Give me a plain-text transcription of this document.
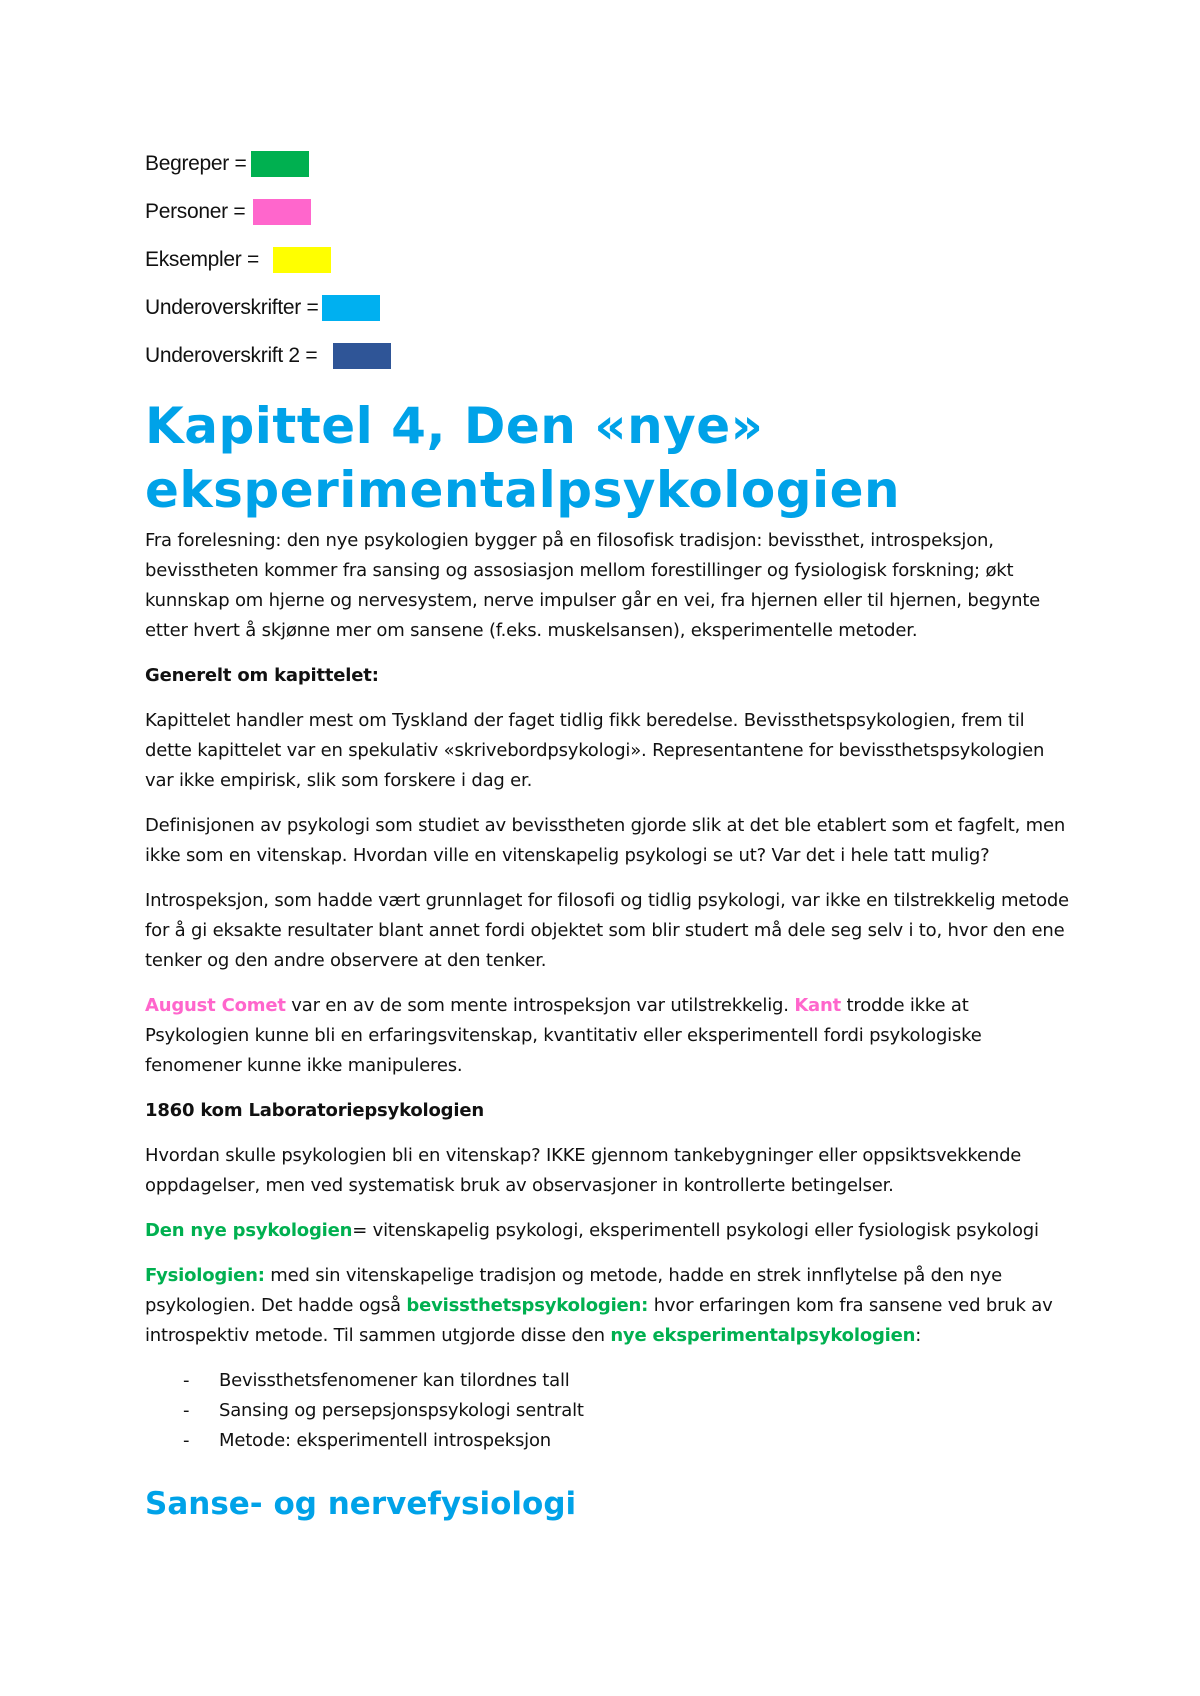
Begreper =
Personer =
Eksempler =
Underoverskrifter =
Underoverskrift 2 =
Kapittel 4, Den «nye»
eksperimentalpsykologien

Fra forelesning: den nye psykologien bygger på en filosofisk tradisjon: bevissthet, introspeksjon, bevisstheten kommer fra sansing og assosiasjon mellom forestillinger og fysiologisk forskning; økt kunnskap om hjerne og nervesystem, nerve impulser går en vei, fra hjernen eller til hjernen, begynte etter hvert å skjønne mer om sansene (f.eks. muskelsansen), eksperimentelle metoder.

Generelt om kapittelet:

Kapittelet handler mest om Tyskland der faget tidlig fikk beredelse. Bevissthetspsykologien, frem til dette kapittelet var en spekulativ «skrivebordpsykologi». Representantene for bevissthetspsykologien var ikke empirisk, slik som forskere i dag er.

Definisjonen av psykologi som studiet av bevisstheten gjorde slik at det ble etablert som et fagfelt, men ikke som en vitenskap. Hvordan ville en vitenskapelig psykologi se ut? Var det i hele tatt mulig?

Introspeksjon, som hadde vært grunnlaget for filosofi og tidlig psykologi, var ikke en tilstrekkelig metode for å gi eksakte resultater blant annet fordi objektet som blir studert må dele seg selv i to, hvor den ene tenker og den andre observere at den tenker.

August Comet var en av de som mente introspeksjon var utilstrekkelig. Kant trodde ikke at Psykologien kunne bli en erfaringsvitenskap, kvantitativ eller eksperimentell fordi psykologiske fenomener kunne ikke manipuleres.

1860 kom Laboratoriepsykologien

Hvordan skulle psykologien bli en vitenskap? IKKE gjennom tankebygninger eller oppsiktsvekkende oppdagelser, men ved systematisk bruk av observasjoner in kontrollerte betingelser.

Den nye psykologien= vitenskapelig psykologi, eksperimentell psykologi eller fysiologisk psykologi

Fysiologien: med sin vitenskapelige tradisjon og metode, hadde en strek innflytelse på den nye psykologien. Det hadde også bevissthetspsykologien: hvor erfaringen kom fra sansene ved bruk av introspektiv metode. Til sammen utgjorde disse den nye eksperimentalpsykologien:

- Bevissthetsfenomener kan tilordnes tall
- Sansing og persepsjonspsykologi sentralt
- Metode: eksperimentell introspeksjon
Sanse- og nervefysiologi
